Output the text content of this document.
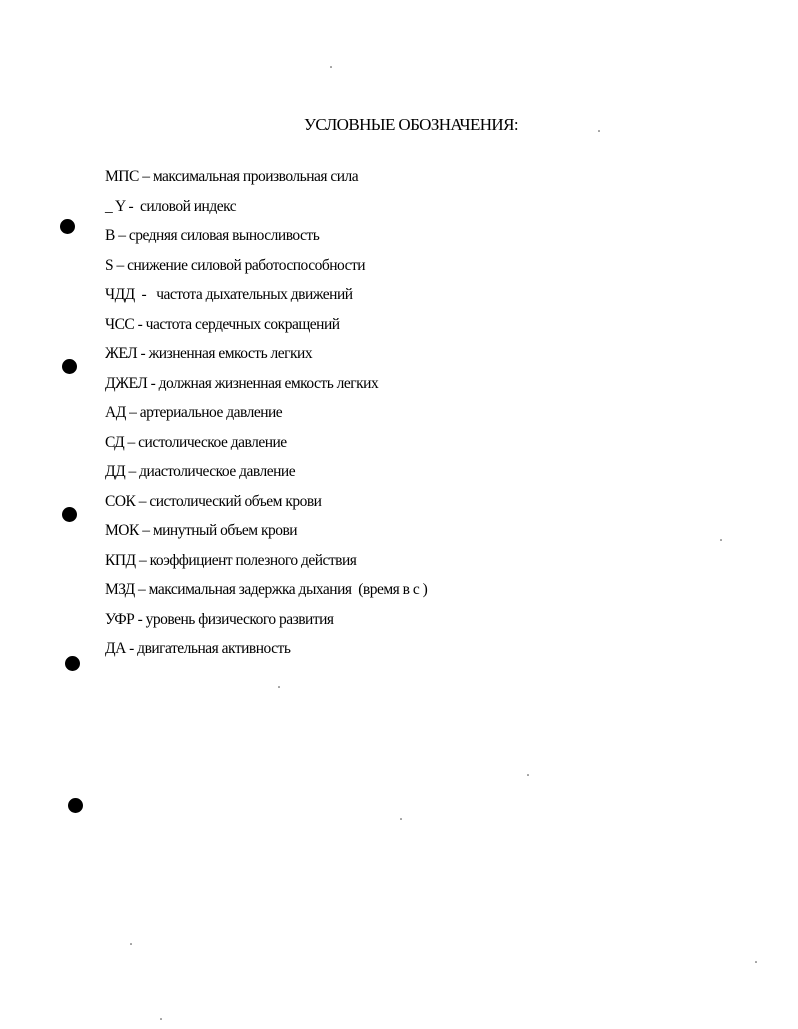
УСЛОВНЫЕ ОБОЗНАЧЕНИЯ:
МПС – максимальная произвольная сила
_ Y -  силовой индекс
В – средняя силовая выносливость
S – снижение силовой работоспособности
ЧДД  -   частота дыхательных движений
ЧСС - частота сердечных сокращений
ЖЕЛ - жизненная емкость легких
ДЖЕЛ - должная жизненная емкость легких
АД – артериальное давление
СД – систолическое давление
ДД – диастолическое давление
СОК – систолический объем крови
МОК – минутный объем крови
КПД – коэффициент полезного действия
МЗД – максимальная задержка дыхания  (время в с )
УФР - уровень физического развития
ДА - двигательная активность
